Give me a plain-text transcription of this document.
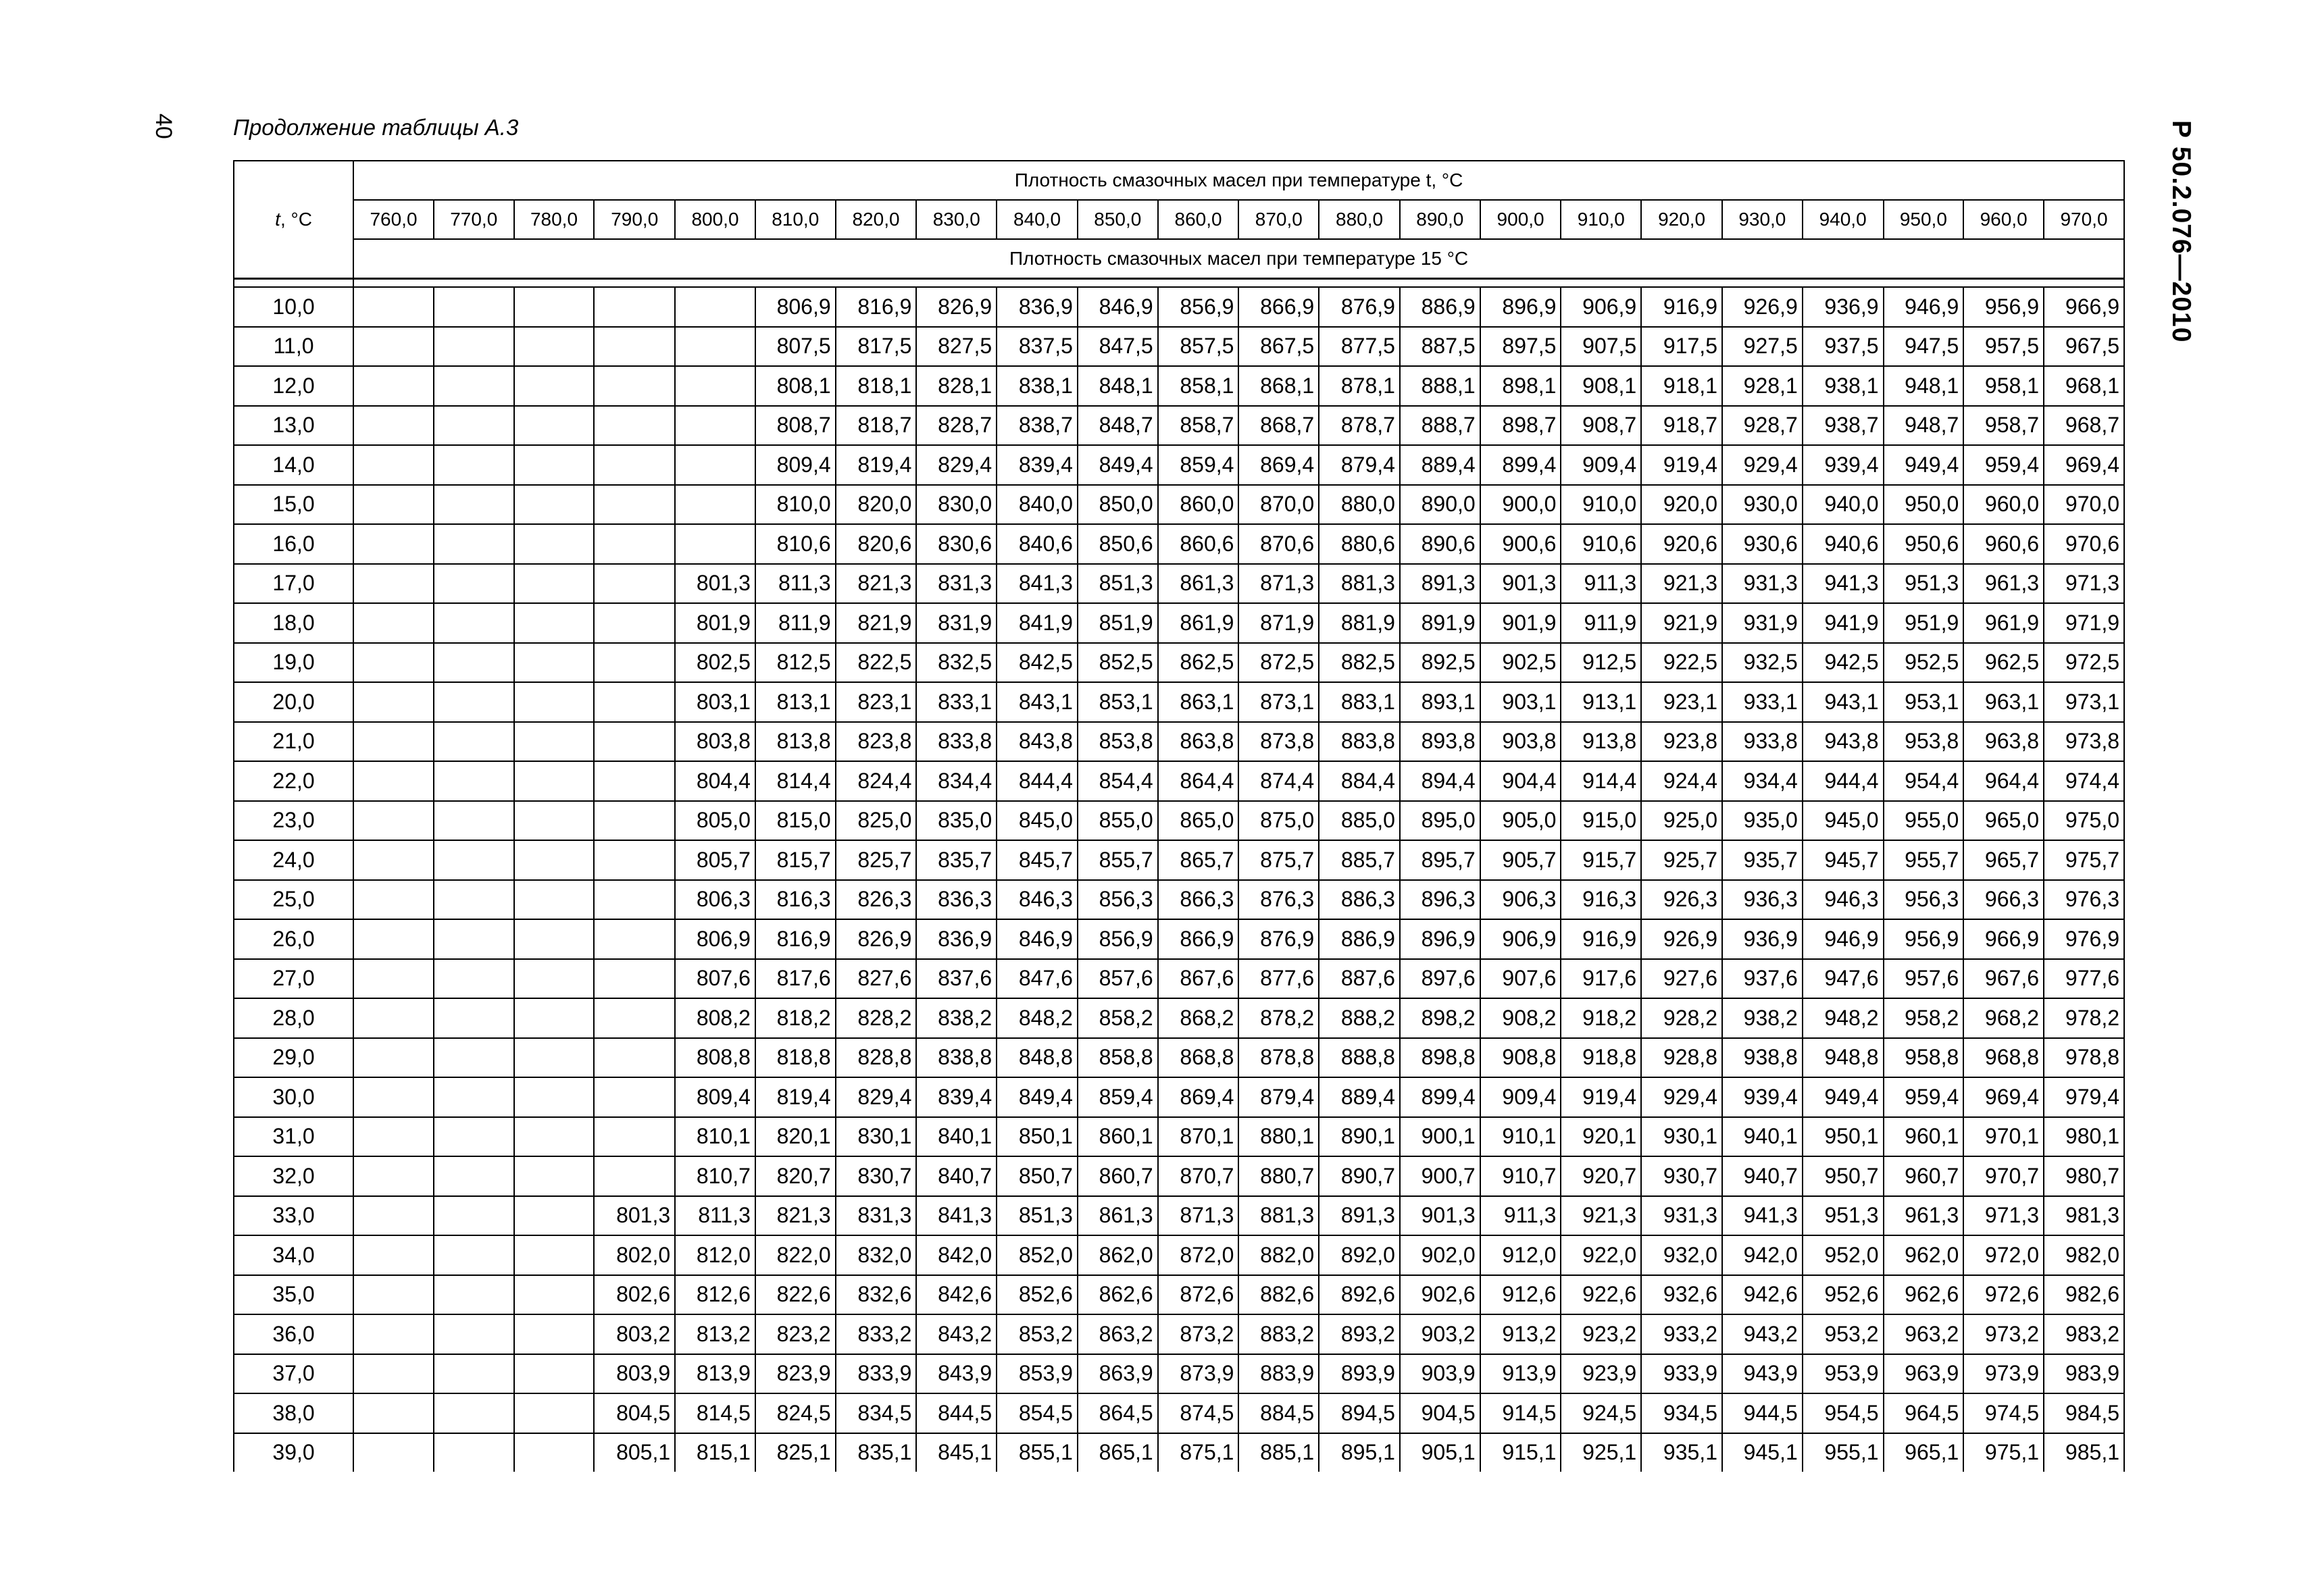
40	Продолжение таблицы А.3	Р 50.2.076—2010
t, °С	Плотность смазочных масел при температуре t, °С																					
	760,0	770,0	780,0	790,0	800,0	810,0	820,0	830,0	840,0	850,0	860,0	870,0	880,0	890,0	900,0	910,0	920,0	930,0	940,0	950,0	960,0	970,0
	Плотность смазочных масел при температуре 15 °С																					

10,0						806,9	816,9	826,9	836,9	846,9	856,9	866,9	876,9	886,9	896,9	906,9	916,9	926,9	936,9	946,9	956,9	966,9
11,0						807,5	817,5	827,5	837,5	847,5	857,5	867,5	877,5	887,5	897,5	907,5	917,5	927,5	937,5	947,5	957,5	967,5
12,0						808,1	818,1	828,1	838,1	848,1	858,1	868,1	878,1	888,1	898,1	908,1	918,1	928,1	938,1	948,1	958,1	968,1
13,0						808,7	818,7	828,7	838,7	848,7	858,7	868,7	878,7	888,7	898,7	908,7	918,7	928,7	938,7	948,7	958,7	968,7
14,0						809,4	819,4	829,4	839,4	849,4	859,4	869,4	879,4	889,4	899,4	909,4	919,4	929,4	939,4	949,4	959,4	969,4
15,0						810,0	820,0	830,0	840,0	850,0	860,0	870,0	880,0	890,0	900,0	910,0	920,0	930,0	940,0	950,0	960,0	970,0
16,0						810,6	820,6	830,6	840,6	850,6	860,6	870,6	880,6	890,6	900,6	910,6	920,6	930,6	940,6	950,6	960,6	970,6
17,0					801,3	811,3	821,3	831,3	841,3	851,3	861,3	871,3	881,3	891,3	901,3	911,3	921,3	931,3	941,3	951,3	961,3	971,3
18,0					801,9	811,9	821,9	831,9	841,9	851,9	861,9	871,9	881,9	891,9	901,9	911,9	921,9	931,9	941,9	951,9	961,9	971,9
19,0					802,5	812,5	822,5	832,5	842,5	852,5	862,5	872,5	882,5	892,5	902,5	912,5	922,5	932,5	942,5	952,5	962,5	972,5
20,0					803,1	813,1	823,1	833,1	843,1	853,1	863,1	873,1	883,1	893,1	903,1	913,1	923,1	933,1	943,1	953,1	963,1	973,1
21,0					803,8	813,8	823,8	833,8	843,8	853,8	863,8	873,8	883,8	893,8	903,8	913,8	923,8	933,8	943,8	953,8	963,8	973,8
22,0					804,4	814,4	824,4	834,4	844,4	854,4	864,4	874,4	884,4	894,4	904,4	914,4	924,4	934,4	944,4	954,4	964,4	974,4
23,0					805,0	815,0	825,0	835,0	845,0	855,0	865,0	875,0	885,0	895,0	905,0	915,0	925,0	935,0	945,0	955,0	965,0	975,0
24,0					805,7	815,7	825,7	835,7	845,7	855,7	865,7	875,7	885,7	895,7	905,7	915,7	925,7	935,7	945,7	955,7	965,7	975,7
25,0					806,3	816,3	826,3	836,3	846,3	856,3	866,3	876,3	886,3	896,3	906,3	916,3	926,3	936,3	946,3	956,3	966,3	976,3
26,0					806,9	816,9	826,9	836,9	846,9	856,9	866,9	876,9	886,9	896,9	906,9	916,9	926,9	936,9	946,9	956,9	966,9	976,9
27,0					807,6	817,6	827,6	837,6	847,6	857,6	867,6	877,6	887,6	897,6	907,6	917,6	927,6	937,6	947,6	957,6	967,6	977,6
28,0					808,2	818,2	828,2	838,2	848,2	858,2	868,2	878,2	888,2	898,2	908,2	918,2	928,2	938,2	948,2	958,2	968,2	978,2
29,0					808,8	818,8	828,8	838,8	848,8	858,8	868,8	878,8	888,8	898,8	908,8	918,8	928,8	938,8	948,8	958,8	968,8	978,8
30,0					809,4	819,4	829,4	839,4	849,4	859,4	869,4	879,4	889,4	899,4	909,4	919,4	929,4	939,4	949,4	959,4	969,4	979,4
31,0					810,1	820,1	830,1	840,1	850,1	860,1	870,1	880,1	890,1	900,1	910,1	920,1	930,1	940,1	950,1	960,1	970,1	980,1
32,0					810,7	820,7	830,7	840,7	850,7	860,7	870,7	880,7	890,7	900,7	910,7	920,7	930,7	940,7	950,7	960,7	970,7	980,7
33,0				801,3	811,3	821,3	831,3	841,3	851,3	861,3	871,3	881,3	891,3	901,3	911,3	921,3	931,3	941,3	951,3	961,3	971,3	981,3
34,0				802,0	812,0	822,0	832,0	842,0	852,0	862,0	872,0	882,0	892,0	902,0	912,0	922,0	932,0	942,0	952,0	962,0	972,0	982,0
35,0				802,6	812,6	822,6	832,6	842,6	852,6	862,6	872,6	882,6	892,6	902,6	912,6	922,6	932,6	942,6	952,6	962,6	972,6	982,6
36,0				803,2	813,2	823,2	833,2	843,2	853,2	863,2	873,2	883,2	893,2	903,2	913,2	923,2	933,2	943,2	953,2	963,2	973,2	983,2
37,0				803,9	813,9	823,9	833,9	843,9	853,9	863,9	873,9	883,9	893,9	903,9	913,9	923,9	933,9	943,9	953,9	963,9	973,9	983,9
38,0				804,5	814,5	824,5	834,5	844,5	854,5	864,5	874,5	884,5	894,5	904,5	914,5	924,5	934,5	944,5	954,5	964,5	974,5	984,5
39,0				805,1	815,1	825,1	835,1	845,1	855,1	865,1	875,1	885,1	895,1	905,1	915,1	925,1	935,1	945,1	955,1	965,1	975,1	985,1
